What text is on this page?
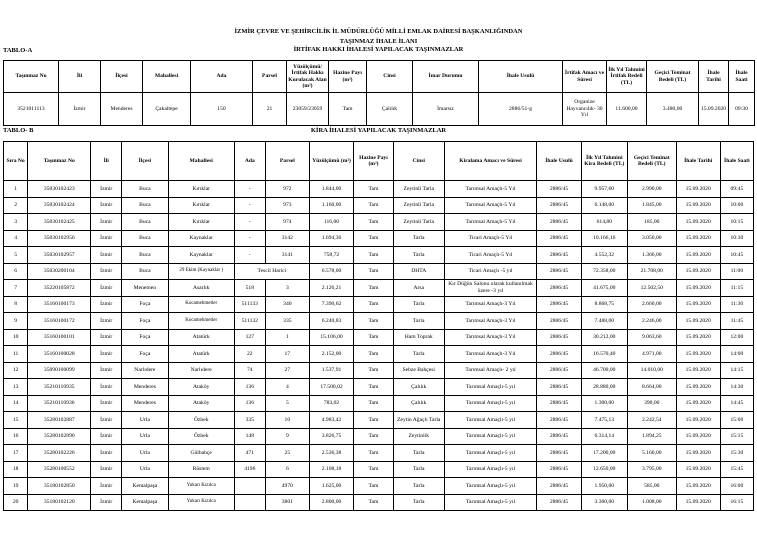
İZMİR ÇEVRE VE ŞEHİRCİLİK İL MÜDÜRLÜĞÜ MİLLİ EMLAK DAİRESİ BAŞKANLIĞINDAN
TAŞINMAZ İHALE İLANI
İRTİFAK HAKKI İHALESİ YAPILACAK TAŞINMAZLAR
TABLO-A
Taşınmaz No	İli	İlçesi	Mahallesi	Ada	Parsel	Yüzölçümü/ İrtifak Hakkı Kurulacak Alan (m²)	Hazine Payı (m²)	Cinsi	İmar Durumu	İhale Usulü	İrtifak Amacı ve Süresi	İlk Yıl Tahmini İrtifak Bedeli (TL)	Geçici Teminat Bedeli (TL)	İhale Tarihi	İhale Saati
3521011113	İzmir	Menderes	Çakaltepe	150	21	23059/23059	Tam	Çalılık	İmarsız	2886/51-g	Organize Hayvancılık- 30 Yıl	11.600,00	3.480,00	15.09.2020	09:30
KİRA İHALESİ YAPILACAK TAŞINMAZLAR
TABLO- B
Sıra No	Taşınmaz No	İli	İlçesi	Mahallesi	Ada	Parsel	Yüzölçümü (m²)	Hazine Payı (m²)	Cinsi	Kiralama Amacı ve Süresi	İhale Usulü	İlk Yıl Tahmini Kira Bedeli (TL)	Geçici Teminat Bedeli (TL)	İhale Tarihi	İhale Saati
1	35030102423	İzmir	Buca	Kırıklar	-	972	1.844,00	Tam	Zeytinli Tarla	Tarımsal Amaçlı-5 Yıl	2886/45	9.957,60	2.990,00	15.09.2020	09:45
2	35030102424	İzmir	Buca	Kırıklar	-	973	1.160,00	Tam	Zeytinli Tarla	Tarımsal Amaçlı-5 Yıl	2886/45	6.148,00	1.845,00	15.09.2020	10:00
3	35030102425	İzmir	Buca	Kırıklar	-	974	116,00	Tam	Zeytinli Tarla	Tarımsal Amaçlı-5 Yıl	2886/45	614,80	185,00	15.09.2020	10:15
4	35030102956	İzmir	Buca	Kaynaklar	-	3142	1.694,36	Tam	Tarla	Ticari Amaçlı-5 Yıl	2886/45	10.166,16	3.050,00	15.09.2020	10:30
5	35030102957	İzmir	Buca	Kaynaklar	-	3141	758,72	Tam	Tarla	Ticari Amaçlı-5 Yıl	2886/45	4.552,32	1.366,00	15.09.2020	10:45
6	35030200104	İzmir	Buca	29 Ekim (Kaynaklar )	Tescil Harici		6.578,00	Tam	DHTA	Ticari Amaçlı -5 yıl	2886/45	72.358,00	21.708,00	15.09.2020	11:00
7	35220105872	İzmir	Menemen	Asarlık	518	3	2.126,21	Tam	Arsa	Kır Düğün Salonu olarak kullanılmak üzere -3 yıl	2886/45	41.675,00	12.502,50	15.09.2020	11:15
8	35160100173	İzmir	Foça	Kocamehmetler	511133	340	7.390,62	Tam	Tarla	Tarımsal Amaçlı-3 Yıl	2886/45	8.868,75	2.660,00	15.09.2020	11:30
9	35160100172	İzmir	Foça	Kocamehmetler	511132	335	6.240,83	Tam	Tarla	Tarımsal Amaçlı-3 Yıl	2886/45	7.488,00	2.246,00	15.09.2020	11:45
10	35160100101	İzmir	Foça	Atatürk	127	1	15.106,00	Tam	Ham Toprak	Tarımsal Amaçlı-3 Yıl	2886/45	30.212,00	9.063,60	15.09.2020	12:00
11	35160100028	İzmir	Foça	Atatürk	22	17	2.152,00	Tam	Tarla	Tarımsal Amaçlı-3 Yıl	2886/45	16.570,40	4.971,00	15.09.2020	14:00
12	35090100099	İzmir	Narlıdere	Narlıdere	74	27	1.537,91	Tam	Sebze Bahçesi	Tarımsal Amaçlı- 2 yıl	2886/45	46.700,00	14.010,00	15.09.2020	14:15
13	35210110935	İzmir	Menderes	Ataköy	136	4	17.500,02	Tam	Çalılık	Tarımsal Amaçlı-5 yıl	2886/45	28.880,00	8.664,00	15.09.2020	14:30
14	35210110936	İzmir	Menderes	Ataköy	136	5	783,02	Tam	Çalılık	Tarımsal Amaçlı-5 yıl	2886/45	1.300,00	390,00	15.09.2020	14:45
15	35280102887	İzmir	Urla	Özbek	335	10	4.983,42	Tam	Zeytin Ağaçlı Tarla	Tarımsal Amaçlı-5 yıl	2886/45	7.475,13	2.242,54	15.09.2020	15:00
16	35280102890	İzmir	Urla	Özbek	148	9	3.826,75	Tam	Zeytinlik	Tarımsal Amaçlı-5 yıl	2886/45	6.314,14	1.894,25	15.09.2020	15:15
17	35280102226	İzmir	Urla	Gülbahçe	471	25	2.536,38	Tam	Tarla	Tarımsal Amaçlı-5 yıl	2886/45	17.200,00	5.160,00	15.09.2020	15:30
18	35280100552	İzmir	Urla	Rüstem	4196	6	2.108,18	Tam	Tarla	Tarımsal Amaçlı-5 yıl	2886/45	12.650,00	3.795,00	15.09.2020	15:45
19	35180102850	İzmir	Kemalpaşa	Yukarı Kızılca		4970	1.625,00	Tam	Tarla	Tarımsal Amaçlı-5 yıl	2886/45	1.950,00	585,00	15.09.2020	16:00
20	35180102120	İzmir	Kemalpaşa	Yukarı Kızılca		3801	2.800,00	Tam	Tarla	Tarımsal Amaçlı-5 yıl	2886/45	3.360,00	1.008,00	15.09.2020	16:15
